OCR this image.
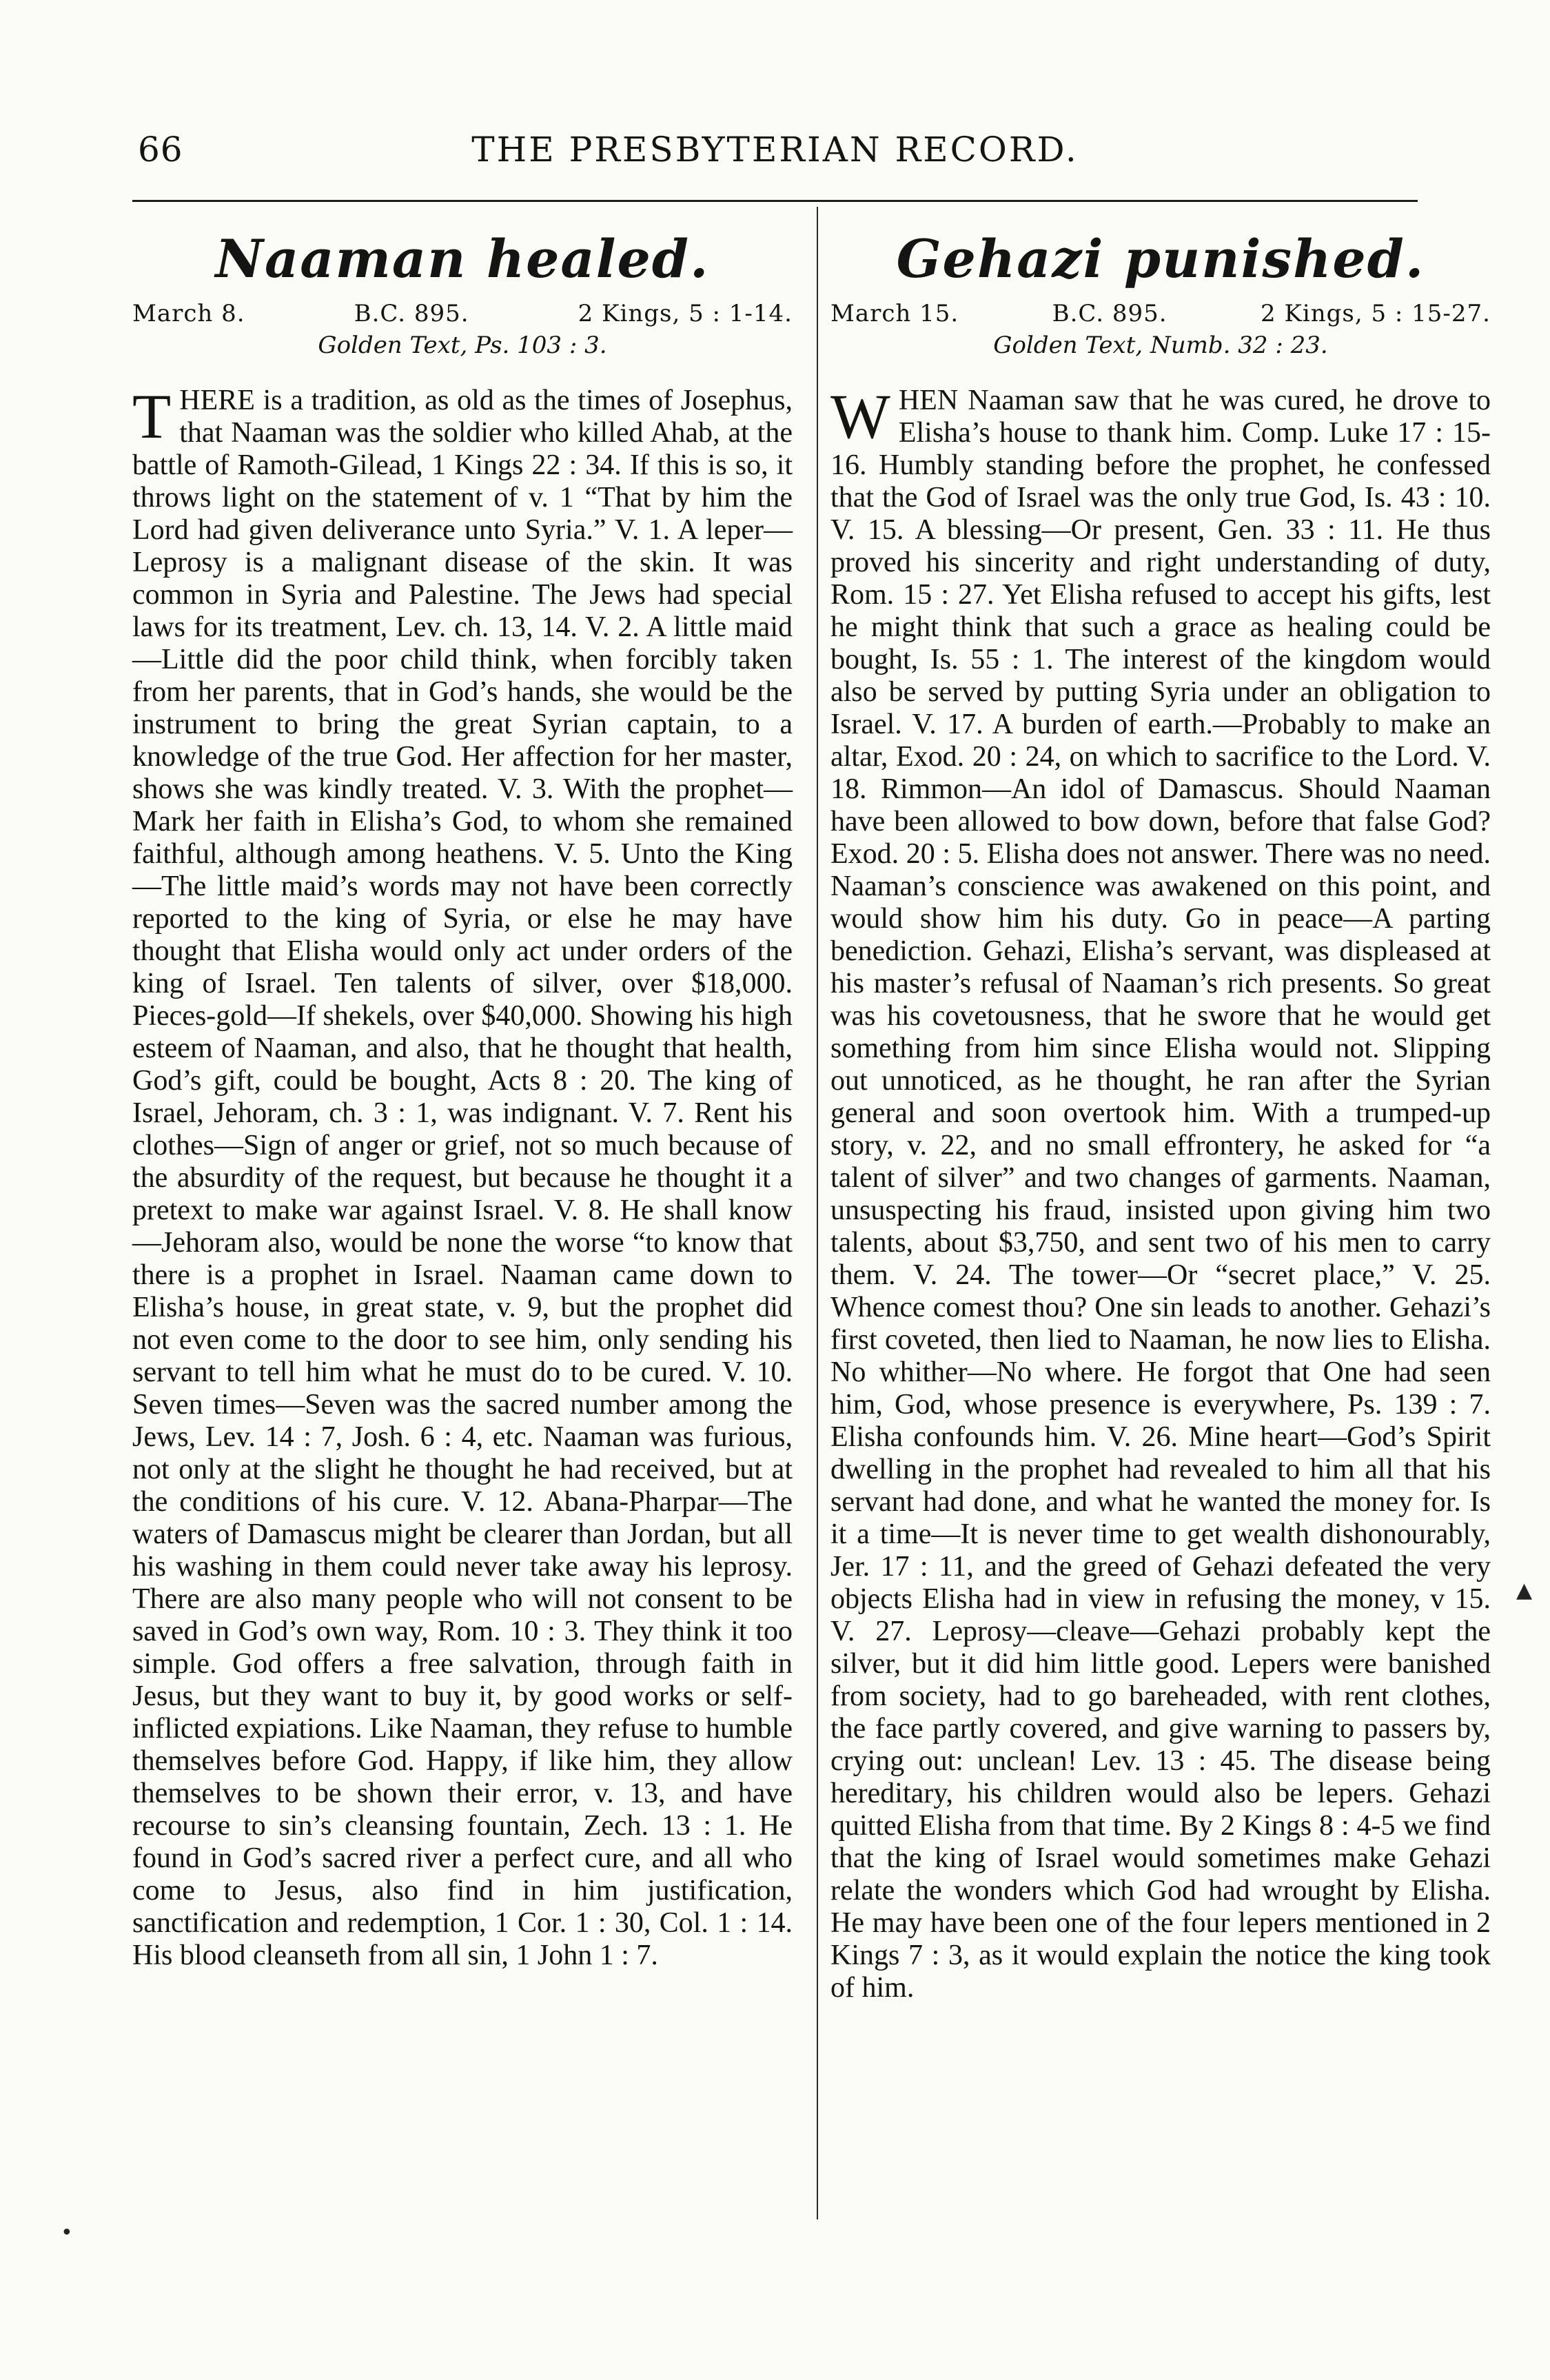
66	THE PRESBYTERIAN RECORD.
Naaman healed.
March 8.	B.C. 895.	2 Kings, 5 : 1-14.
Golden Text, Ps. 103 : 3.
T HERE is a tradition, as old as the times of Josephus, that Naaman was the soldier who killed Ahab, at the battle of Ramoth-Gilead, 1 Kings 22 : 34. If this is so, it throws light on the statement of v. 1 “That by him the Lord had given deliverance unto Syria.” V. 1. A leper—Leprosy is a malignant disease of the skin. It was common in Syria and Palestine. The Jews had special laws for its treatment, Lev. ch. 13, 14. V. 2. A little maid—Little did the poor child think, when forcibly taken from her parents, that in God’s hands, she would be the instrument to bring the great Syrian captain, to a knowledge of the true God. Her affection for her master, shows she was kindly treated. V. 3. With the prophet—Mark her faith in Elisha’s God, to whom she remained faithful, although among heathens. V. 5. Unto the King—The little maid’s words may not have been correctly reported to the king of Syria, or else he may have thought that Elisha would only act under orders of the king of Israel. Ten talents of silver, over $18,000. Pieces-gold—If shekels, over $40,000. Showing his high esteem of Naaman, and also, that he thought that health, God’s gift, could be bought, Acts 8 : 20. The king of Israel, Jehoram, ch. 3 : 1, was indignant. V. 7. Rent his clothes—Sign of anger or grief, not so much because of the absurdity of the request, but because he thought it a pretext to make war against Israel. V. 8. He shall know—Jehoram also, would be none the worse “to know that there is a prophet in Israel. Naaman came down to Elisha’s house, in great state, v. 9, but the prophet did not even come to the door to see him, only sending his servant to tell him what he must do to be cured. V. 10. Seven times—Seven was the sacred number among the Jews, Lev. 14 : 7, Josh. 6 : 4, etc. Naaman was furious, not only at the slight he thought he had received, but at the conditions of his cure. V. 12. Abana-Pharpar—The waters of Damascus might be clearer than Jordan, but all his washing in them could never take away his leprosy. There are also many people who will not consent to be saved in God’s own way, Rom. 10 : 3. They think it too simple. God offers a free salvation, through faith in Jesus, but they want to buy it, by good works or self-inflicted expiations. Like Naaman, they refuse to humble themselves before God. Happy, if like him, they allow themselves to be shown their error, v. 13, and have recourse to sin’s cleansing fountain, Zech. 13 : 1. He found in God’s sacred river a perfect cure, and all who come to Jesus, also find in him justification, sanctification and redemption, 1 Cor. 1 : 30, Col. 1 : 14. His blood cleanseth from all sin, 1 John 1 : 7.

Gehazi punished.
March 15.	B.C. 895.	2 Kings, 5 : 15-27.
Golden Text, Numb. 32 : 23.
W HEN Naaman saw that he was cured, he drove to Elisha’s house to thank him. Comp. Luke 17 : 15-16. Humbly standing before the prophet, he confessed that the God of Israel was the only true God, Is. 43 : 10. V. 15. A blessing—Or present, Gen. 33 : 11. He thus proved his sincerity and right understanding of duty, Rom. 15 : 27. Yet Elisha refused to accept his gifts, lest he might think that such a grace as healing could be bought, Is. 55 : 1. The interest of the kingdom would also be served by putting Syria under an obligation to Israel. V. 17. A burden of earth.—Probably to make an altar, Exod. 20 : 24, on which to sacrifice to the Lord. V. 18. Rimmon—An idol of Damascus. Should Naaman have been allowed to bow down, before that false God? Exod. 20 : 5. Elisha does not answer. There was no need. Naaman’s conscience was awakened on this point, and would show him his duty. Go in peace—A parting benediction. Gehazi, Elisha’s servant, was displeased at his master’s refusal of Naaman’s rich presents. So great was his covetousness, that he swore that he would get something from him since Elisha would not. Slipping out unnoticed, as he thought, he ran after the Syrian general and soon overtook him. With a trumped-up story, v. 22, and no small effrontery, he asked for “a talent of silver” and two changes of garments. Naaman, unsuspecting his fraud, insisted upon giving him two talents, about $3,750, and sent two of his men to carry them. V. 24. The tower—Or “secret place,” V. 25. Whence comest thou? One sin leads to another. Gehazi’s first coveted, then lied to Naaman, he now lies to Elisha. No whither—No where. He forgot that One had seen him, God, whose presence is everywhere, Ps. 139 : 7. Elisha confounds him. V. 26. Mine heart—God’s Spirit dwelling in the prophet had revealed to him all that his servant had done, and what he wanted the money for. Is it a time—It is never time to get wealth dishonourably, Jer. 17 : 11, and the greed of Gehazi defeated the very objects Elisha had in view in refusing the money, v 15. V. 27. Leprosy—cleave—Gehazi probably kept the silver, but it did him little good. Lepers were banished from society, had to go bareheaded, with rent clothes, the face partly covered, and give warning to passers by, crying out: unclean! Lev. 13 : 45. The disease being hereditary, his children would also be lepers. Gehazi quitted Elisha from that time. By 2 Kings 8 : 4-5 we find that the king of Israel would sometimes make Gehazi relate the wonders which God had wrought by Elisha. He may have been one of the four lepers mentioned in 2 Kings 7 : 3, as it would explain the notice the king took of him.

▲
•
